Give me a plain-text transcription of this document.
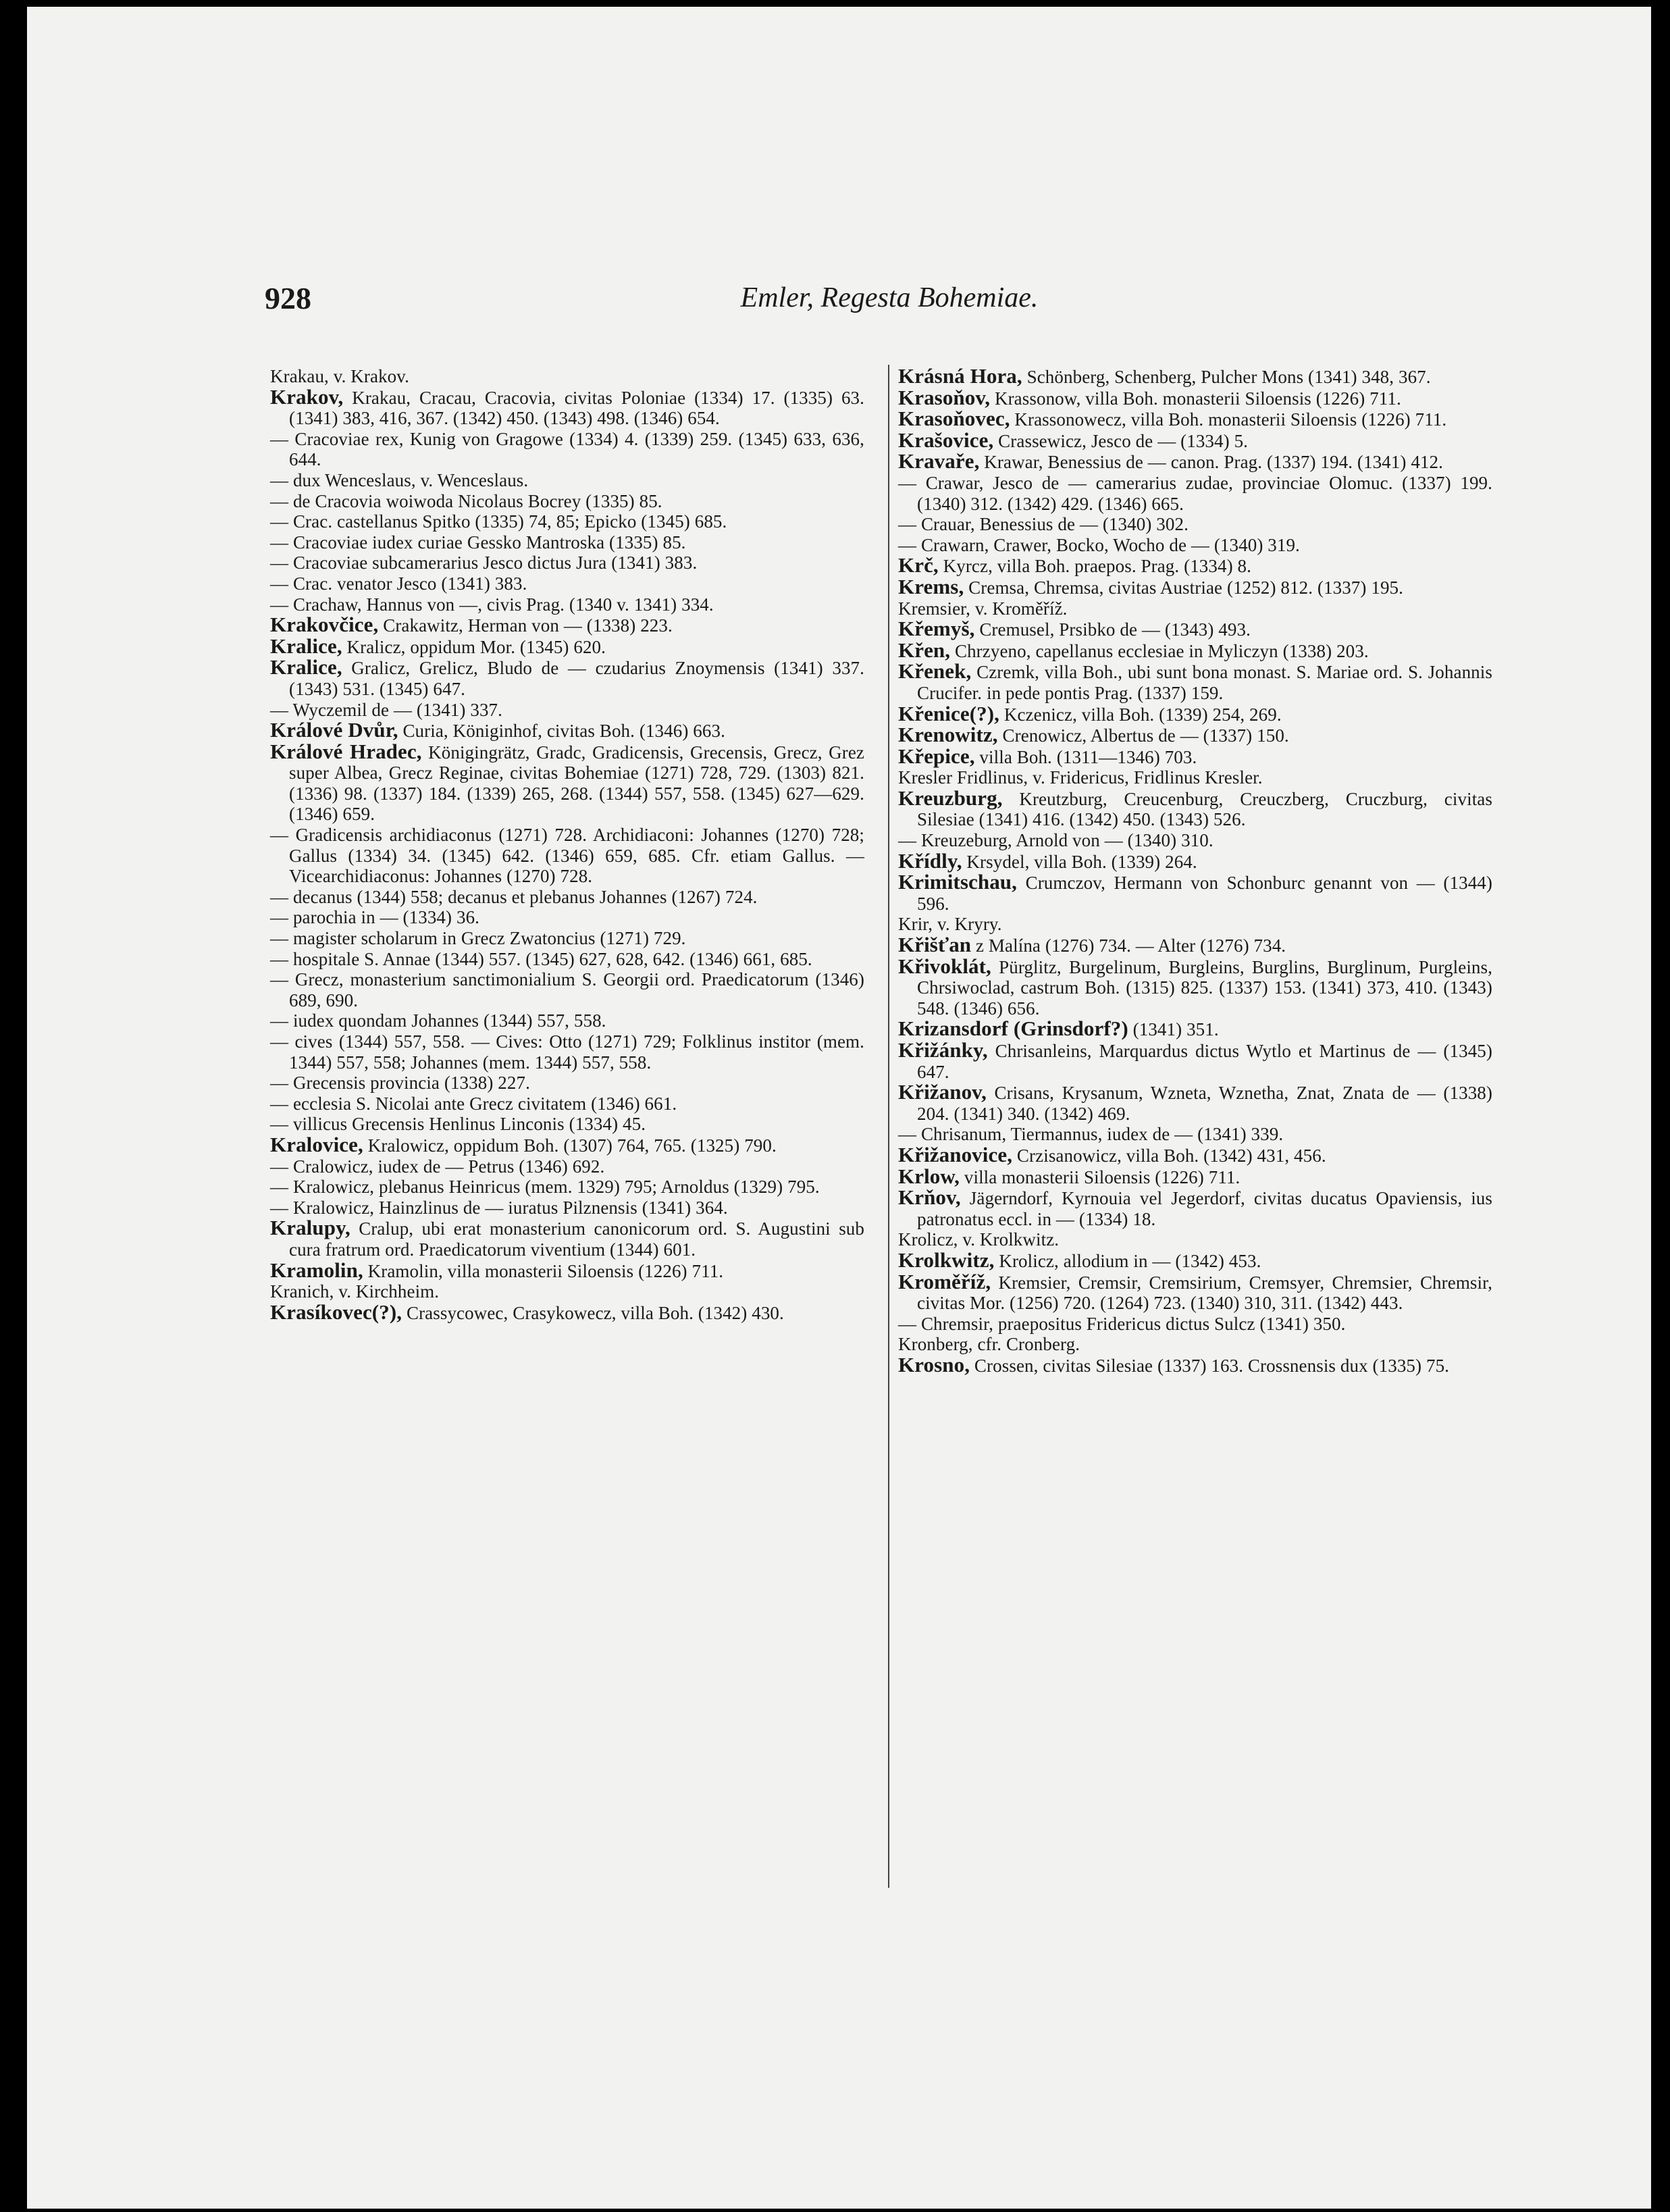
928	Emler, Regesta Bohemiae.
Krakau, v. Krakov.
Krakov, Krakau, Cracau, Cracovia, civitas Poloniae (1334) 17. (1335) 63. (1341) 383, 416, 367. (1342) 450. (1343) 498. (1346) 654.
— Cracoviae rex, Kunig von Gragowe (1334) 4. (1339) 259. (1345) 633, 636, 644.
— dux Wenceslaus, v. Wenceslaus.
— de Cracovia woiwoda Nicolaus Bocrey (1335) 85.
— Crac. castellanus Spitko (1335) 74, 85; Epicko (1345) 685.
— Cracoviae iudex curiae Gessko Mantroska (1335) 85.
— Cracoviae subcamerarius Jesco dictus Jura (1341) 383.
— Crac. venator Jesco (1341) 383.
— Crachaw, Hannus von —, civis Prag. (1340 v. 1341) 334.
Krakovčice, Crakawitz, Herman von — (1338) 223.
Kralice, Kralicz, oppidum Mor. (1345) 620.
Kralice, Gralicz, Grelicz, Bludo de — czudarius Znoymensis (1341) 337. (1343) 531. (1345) 647.
— Wyczemil de — (1341) 337.
Králové Dvůr, Curia, Königinhof, civitas Boh. (1346) 663.
Králové Hradec, Königingrätz, Gradc, Gradicensis, Grecensis, Grecz, Grez super Albea, Grecz Reginae, civitas Bohemiae (1271) 728, 729. (1303) 821. (1336) 98. (1337) 184. (1339) 265, 268. (1344) 557, 558. (1345) 627—629. (1346) 659.
— Gradicensis archidiaconus (1271) 728. Archidiaconi: Johannes (1270) 728; Gallus (1334) 34. (1345) 642. (1346) 659, 685. Cfr. etiam Gallus. — Vicearchidiaconus: Johannes (1270) 728.
— decanus (1344) 558; decanus et plebanus Johannes (1267) 724.
— parochia in — (1334) 36.
— magister scholarum in Grecz Zwatoncius (1271) 729.
— hospitale S. Annae (1344) 557. (1345) 627, 628, 642. (1346) 661, 685.
— Grecz, monasterium sanctimonialium S. Georgii ord. Praedicatorum (1346) 689, 690.
— iudex quondam Johannes (1344) 557, 558.
— cives (1344) 557, 558. — Cives: Otto (1271) 729; Folklinus institor (mem. 1344) 557, 558; Johannes (mem. 1344) 557, 558.
— Grecensis provincia (1338) 227.
— ecclesia S. Nicolai ante Grecz civitatem (1346) 661.
— villicus Grecensis Henlinus Linconis (1334) 45.
Kralovice, Kralowicz, oppidum Boh. (1307) 764, 765. (1325) 790.
— Cralowicz, iudex de — Petrus (1346) 692.
— Kralowicz, plebanus Heinricus (mem. 1329) 795; Arnoldus (1329) 795.
— Kralowicz, Hainzlinus de — iuratus Pilznensis (1341) 364.
Kralupy, Cralup, ubi erat monasterium canonicorum ord. S. Augustini sub cura fratrum ord. Praedicatorum viventium (1344) 601.
Kramolin, Kramolin, villa monasterii Siloensis (1226) 711.
Kranich, v. Kirchheim.
Krasíkovec(?), Crassycowec, Crasykowecz, villa Boh. (1342) 430.
Krásná Hora, Schönberg, Schenberg, Pulcher Mons (1341) 348, 367.
Krasoňov, Krassonow, villa Boh. monasterii Siloensis (1226) 711.
Krasoňovec, Krassonowecz, villa Boh. monasterii Siloensis (1226) 711.
Krašovice, Crassewicz, Jesco de — (1334) 5.
Kravaře, Krawar, Benessius de — canon. Prag. (1337) 194. (1341) 412.
— Crawar, Jesco de — camerarius zudae, provinciae Olomuc. (1337) 199. (1340) 312. (1342) 429. (1346) 665.
— Crauar, Benessius de — (1340) 302.
— Crawarn, Crawer, Bocko, Wocho de — (1340) 319.
Krč, Kyrcz, villa Boh. praepos. Prag. (1334) 8.
Krems, Cremsa, Chremsa, civitas Austriae (1252) 812. (1337) 195.
Kremsier, v. Kroměříž.
Křemyš, Cremusel, Prsibko de — (1343) 493.
Křen, Chrzyeno, capellanus ecclesiae in Myliczyn (1338) 203.
Křenek, Czremk, villa Boh., ubi sunt bona monast. S. Mariae ord. S. Johannis Crucifer. in pede pontis Prag. (1337) 159.
Křenice(?), Kczenicz, villa Boh. (1339) 254, 269.
Krenowitz, Crenowicz, Albertus de — (1337) 150.
Křepice, villa Boh. (1311—1346) 703.
Kresler Fridlinus, v. Fridericus, Fridlinus Kresler.
Kreuzburg, Kreutzburg, Creucenburg, Creuczberg, Cruczburg, civitas Silesiae (1341) 416. (1342) 450. (1343) 526.
— Kreuzeburg, Arnold von — (1340) 310.
Křídly, Krsydel, villa Boh. (1339) 264.
Krimitschau, Crumczov, Hermann von Schonburc genannt von — (1344) 596.
Krir, v. Kryry.
Křišťan z Malína (1276) 734. — Alter (1276) 734.
Křivoklát, Pürglitz, Burgelinum, Burgleins, Burglins, Burglinum, Purgleins, Chrsiwoclad, castrum Boh. (1315) 825. (1337) 153. (1341) 373, 410. (1343) 548. (1346) 656.
Krizansdorf (Grinsdorf?) (1341) 351.
Křižánky, Chrisanleins, Marquardus dictus Wytlo et Martinus de — (1345) 647.
Křižanov, Crisans, Krysanum, Wzneta, Wznetha, Znat, Znata de — (1338) 204. (1341) 340. (1342) 469.
— Chrisanum, Tiermannus, iudex de — (1341) 339.
Křižanovice, Crzisanowicz, villa Boh. (1342) 431, 456.
Krlow, villa monasterii Siloensis (1226) 711.
Krňov, Jägerndorf, Kyrnouia vel Jegerdorf, civitas ducatus Opaviensis, ius patronatus eccl. in — (1334) 18.
Krolicz, v. Krolkwitz.
Krolkwitz, Krolicz, allodium in — (1342) 453.
Kroměříž, Kremsier, Cremsir, Cremsirium, Cremsyer, Chremsier, Chremsir, civitas Mor. (1256) 720. (1264) 723. (1340) 310, 311. (1342) 443.
— Chremsir, praepositus Fridericus dictus Sulcz (1341) 350.
Kronberg, cfr. Cronberg.
Krosno, Crossen, civitas Silesiae (1337) 163. Crossnensis dux (1335) 75.
